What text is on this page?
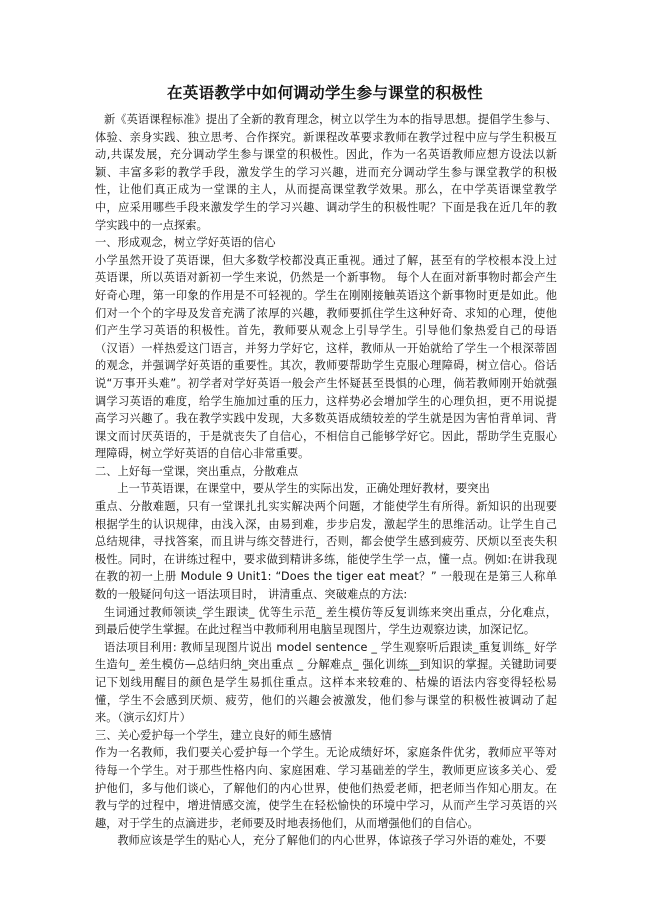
在英语教学中如何调动学生参与课堂的积极性

新《英语课程标准》提出了全新的教育理念，树立以学生为本的指导思想。提倡学生参与、体验、亲身实践、独立思考、合作探究。新课程改革要求教师在教学过程中应与学生积极互动,共谋发展，充分调动学生参与课堂的积极性。因此，作为一名英语教师应想方设法以新颖、丰富多彩的教学手段，激发学生的学习兴趣，进而充分调动学生参与课堂教学的积极性，让他们真正成为一堂课的主人，从而提高课堂教学效果。那么，在中学英语课堂教学中，应采用哪些手段来激发学生的学习兴趣、调动学生的积极性呢？下面是我在近几年的教学实践中的一点探索。

一、形成观念，树立学好英语的信心

小学虽然开设了英语课，但大多数学校都没真正重视。通过了解，甚至有的学校根本没上过英语课，所以英语对新初一学生来说，仍然是一个新事物。 每个人在面对新事物时都会产生好奇心理，第一印象的作用是不可轻视的。学生在刚刚接触英语这个新事物时更是如此。他们对一个个的字母及发音充满了浓厚的兴趣，教师要抓住学生这种好奇、求知的心理，使他们产生学习英语的积极性。首先，教师要从观念上引导学生。引导他们象热爱自己的母语（汉语）一样热爱这门语言，并努力学好它，这样，教师从一开始就给了学生一个根深蒂固的观念，并强调学好英语的重要性。其次，教师要帮助学生克服心理障碍，树立信心。俗话说“万事开头难”。初学者对学好英语一般会产生怀疑甚至畏惧的心理，倘若教师刚开始就强调学习英语的难度，给学生施加过重的压力，这样势必会增加学生的心理负担，更不用说提高学习兴趣了。我在教学实践中发现，大多数英语成绩较差的学生就是因为害怕背单词、背课文而讨厌英语的，于是就丧失了自信心，不相信自己能够学好它。因此，帮助学生克服心理障碍，树立学好英语的自信心非常重要。

二、上好每一堂课，突出重点，分散难点

上一节英语课，在课堂中，要从学生的实际出发，正确处理好教材，要突出

重点、分散难题，只有一堂课扎扎实实解决两个问题，才能使学生有所得。新知识的出现要根据学生的认识规律，由浅入深，由易到难，步步启发，激起学生的思维活动。让学生自己总结规律，寻找答案，而且讲与练交替进行，否则，都会使学生感到疲劳、厌烦以至丧失积极性。同时，在讲练过程中，要求做到精讲多练，能使学生学一点，懂一点。例如:在讲我现在教的初一上册 Module 9 Unit1: “Does the tiger eat meat？” 一般现在是第三人称单数的一般疑问句这一语法项目时， 讲清重点、突破难点的方法:

生词通过教师领读_学生跟读_ 优等生示范_ 差生模仿等反复训练来突出重点，分化难点，到最后使学生掌握。在此过程当中教师利用电脑呈现图片，学生边观察边读，加深记忆。

语法项目利用: 教师呈现图片说出 model sentence _ 学生观察听后跟读_重复训练_ 好学生造句_ 差生模仿—总结归纳_突出重点 _ 分解难点_ 强化训练__到知识的掌握。关键助词要记下划线用醒目的颜色是学生易抓住重点。这样本来较难的、枯燥的语法内容变得轻松易懂，学生不会感到厌烦、疲劳，他们的兴趣会被激发，他们参与课堂的积极性被调动了起来。（演示幻灯片）

三、关心爱护每一个学生，建立良好的师生感情

作为一名教师，我们要关心爱护每一个学生。无论成绩好坏，家庭条件优劣，教师应平等对待每一个学生。对于那些性格内向、家庭困难、学习基础差的学生，教师更应该多关心、爱护他们，多与他们谈心，了解他们的内心世界，使他们热爱老师，把老师当作知心朋友。在教与学的过程中，增进情感交流，使学生在轻松愉快的环境中学习，从而产生学习英语的兴趣，对于学生的点滴进步，老师要及时地表扬他们，从而增强他们的自信心。

教师应该是学生的贴心人，充分了解他们的内心世界，体谅孩子学习外语的难处，不要
